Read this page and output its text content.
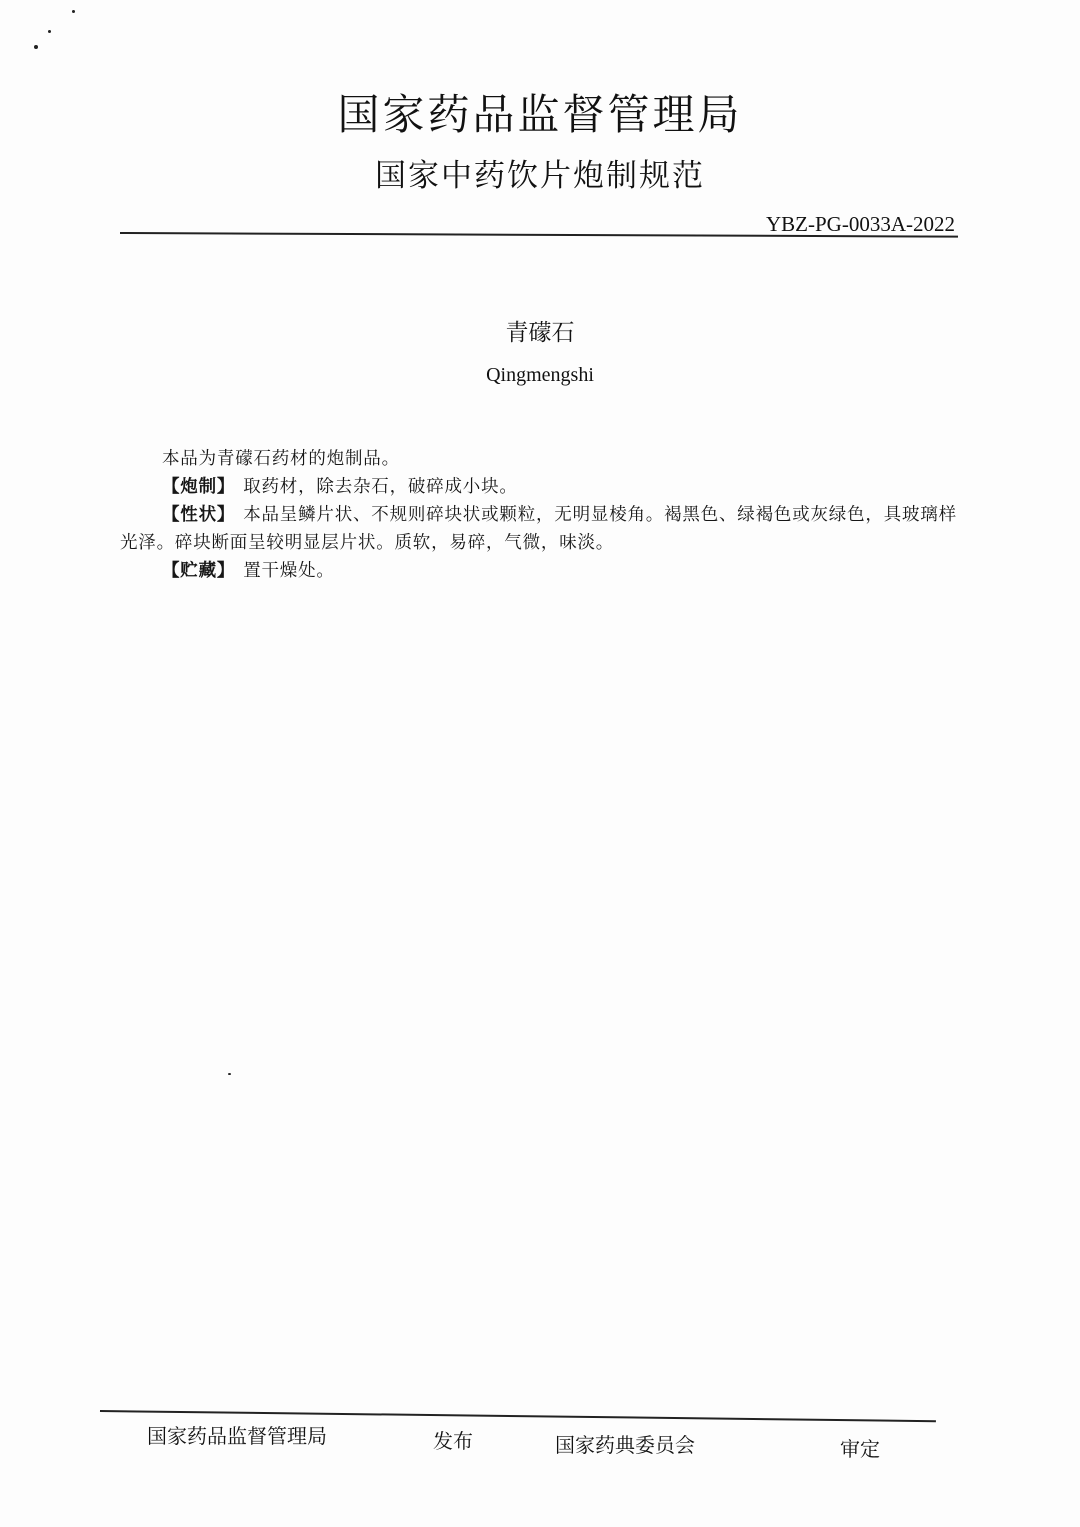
国家药品监督管理局
国家中药饮片炮制规范
YBZ-PG-0033A-2022
青礞石
Qingmengshi

本品为青礞石药材的炮制品。

【炮制】 取药材，除去杂石，破碎成小块。

【性状】 本品呈鳞片状、不规则碎块状或颗粒，无明显棱角。褐黑色、绿褐色或灰绿色，具玻璃样光泽。碎块断面呈较明显层片状。质软，易碎，气微，味淡。

【贮藏】 置干燥处。

国家药品监督管理局	发布	国家药典委员会	审定
